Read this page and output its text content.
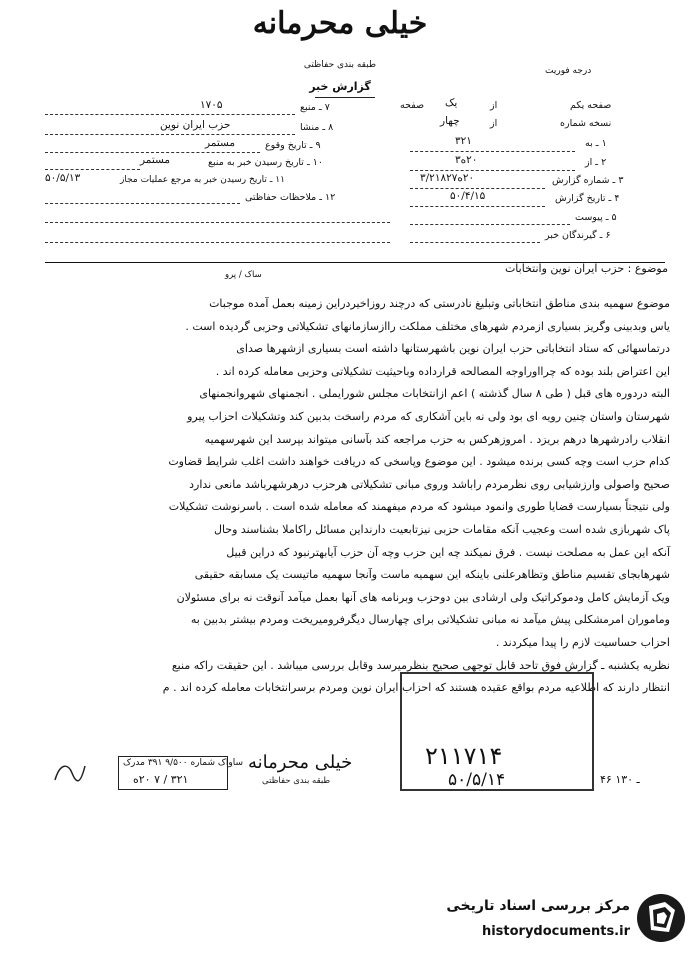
خیلی محرمانه
طبقه بندی حفاظتی
درجه فوریت
گزارش خبر
صفحه یکم
از
یک
صفحه
نسخه شماره
از
چهار
۱ ـ به
۳۲۱
۲ ـ از
۲۰ه۳
۳ ـ شماره گزارش
۲۰ه۳/۲۱۸۲۷
۴ ـ تاریخ گزارش
۵۰/۴/۱۵
۵ ـ پیوست
۶ ـ گیرندگان خبر
۷ ـ منبع
۱۷۰۵
۸ ـ منشا
حزب ایران نوین
۹ ـ تاریخ وقوع
مستمر
۱۰ ـ تاریخ رسیدن خبر به منبع
مستمر
۱۱ ـ تاریخ رسیدن خبر به مرجع عملیات مجاز
۵۰/۵/۱۳
۱۲ ـ ملاحظات حفاظتی
ساک / پرو	موضوع : حزب ایران نوین وانتخابات

موضوع سهمیه بندی مناطق انتخاباتی وتبلیغ نادرستی که درچند روزاخیردراین زمینه بعمل آمده موجبات

یاس وبدبینی وگریز بسیاری ازمردم شهرهای مختلف مملکت راازسازمانهای تشکیلاتی وحزبی گردیده است .

درتماسهائی که ستاد انتخاباتی حزب ایران نوین باشهرستانها داشته است بسیاری ازشهرها صدای

این اعتراض بلند بوده که چرااوراوجه المصالحه قرارداده وباحیثیت تشکیلاتی وحزبی معامله کرده اند .

البته دردوره های قبل ( طی ۸ سال گذشته ) اعم ازانتخابات مجلس شورایملی . انجمنهای شهروانجمنهای

شهرستان واستان چنین رویه ای بود ولی نه باین آشکاری که مردم راسخت بدبین کند وتشکیلات احزاب پیرو

انقلاب رادرشهرها درهم بریزد . امروزهرکس به حزب مراجعه کند بآسانی میتواند بپرسد این شهرسهمیه

کدام حزب است وچه کسی برنده میشود . این موضوع وپاسخی که دریافت خواهند داشت اغلب شرایط قضاوت

صحیح واصولی وارزشیابی روی نظرمردم راباشد وروی مبانی تشکیلاتی هرحزب درهرشهرباشد مانعی ندارد

ولی نتیجتاً بسیارست قضایا طوری وانمود میشود که مردم میفهمند که معامله شده است . باسرنوشت تشکیلات

پاک شهربازی شده است وعجیب آنکه مقامات حزبی نیزتابعیت دارنداین مسائل راکاملا بشناسند وحال

آنکه این عمل به مصلحت نیست . فرق نمیکند چه این حزب وچه آن حزب آیابهترنبود که دراین قبیل

شهرهابجای تقسیم مناطق وتظاهرعلنی باینکه این سهمیه ماست وآنجا سهمیه ماتیست یک مسابقه حقیقی

ویک آزمایش کامل ودموکراتیک ولی ارشادی بین دوحزب وبرنامه های آنها بعمل میآمد آنوقت نه برای مسئولان

وماموران امرمشکلی پیش میآمد نه مبانی تشکیلاتی برای چهارسال دیگرفروميريخت ومردم بیشتر بدبین به

احزاب حساسیت لازم را پیدا میکردند .

نظریه یکشنبه ـ گزارش فوق تاحد قابل توجهی صحیح بنظرمیرسد وقابل بررسی میباشد . این حقیقت راکه منبع

انتظار دارند که اطلاعیه مردم بواقع عقیده هستند که احزاب ایران نوین ومردم برسرانتخابات معامله کرده اند . م

۲۱۱۷۱۴
۵۰/۵/۱۴	۴۶ ـ ۱۳۰
ساواک شماره ۹/۵۰۰ ۳۹۱ مدرک
۳۲۱ / ۷ ۲۰ه
خیلی محرمانه
طبقه بندی حفاظتی
مرکز بررسی اسناد تاریخی
historydocuments.ir
